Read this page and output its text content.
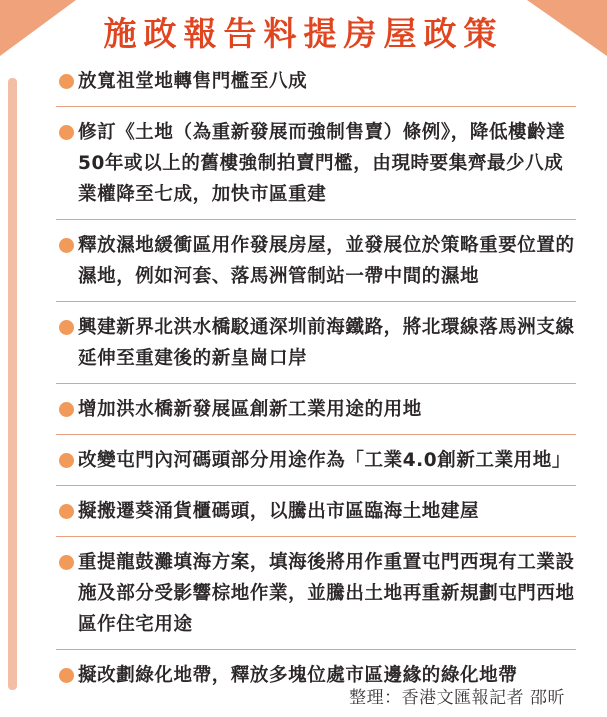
施政報告料提房屋政策
放寬祖堂地轉售門檻至八成
修訂《土地（為重新發展而強制售賣）條例》，降低樓齡達50年或以上的舊樓強制拍賣門檻，由現時要集齊最少八成業權降至七成，加快市區重建
釋放濕地緩衝區用作發展房屋，並發展位於策略重要位置的濕地，例如河套、落馬洲管制站一帶中間的濕地
興建新界北洪水橋駁通深圳前海鐵路，將北環線落馬洲支線延伸至重建後的新皇崗口岸
增加洪水橋新發展區創新工業用途的用地
改變屯門內河碼頭部分用途作為「工業4.0創新工業用地」
擬搬遷葵涌貨櫃碼頭，以騰出市區臨海土地建屋
重提龍鼓灘填海方案，填海後將用作重置屯門西現有工業設施及部分受影響棕地作業，並騰出土地再重新規劃屯門西地區作住宅用途
擬改劃綠化地帶，釋放多塊位處市區邊緣的綠化地帶
整理：香港文匯報記者 邵昕
